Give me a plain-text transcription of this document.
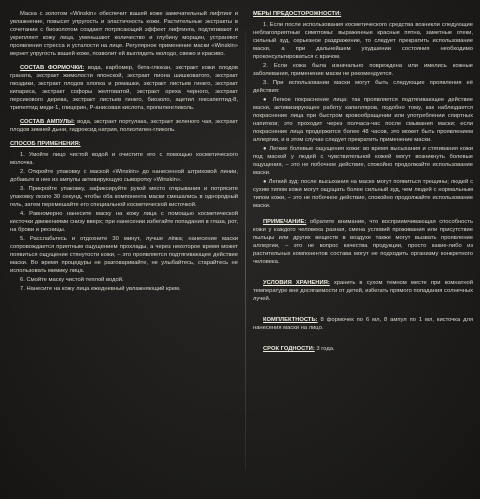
Маска с золотом «Winskin» обеспечит вашей коже замечательный лифтинг и увлажнение, повысит упругость и эластичность кожи. Растительные экстракты в сочетании с биозолотом создают потрясающий эффект лифтинга, подтягивают и укрепляют кожу лица, уменьшают количество и глубину морщин, устраняют проявления стресса и усталости на лице. Регулярное применение маски «Winskin» вернет упругость вашей коже, позволит ей выглядеть молодо, свежо и красиво.

СОСТАВ ФОРМОЧКИ: вода, карбомер, бета-глюкан, экстракт кожи плодов граната, экстракт жимолости японской, экстракт пиона шишковатого, экстракт гвоздики, экстракт плодов хлопка и ромашки, экстракт листьев гинкго, экстракт кипариса, экстракт софоры желтоватой, экстракт ореха черного, экстракт персикового дерева, экстракт листьев гинкго, биозоло, ацетил гексапептид-8, трипептид меди-1, глицерин, Р-анисовая кислота, пропиленгликоль.

СОСТАВ АМПУЛЫ: вода, экстракт портулака, экстракт зеленого чая, экстракт плодов зимней дыни, гидроксид натрия, полиэтилен-гликоль.

СПОСОБ ПРИМЕНЕНИЯ:

1. Умойте лицо чистой водой и очистите его с помощью косметического молочка.

2. Откройте упаковку с маской «Winskin» до нанесенной штриховой линии, добавьте в нее из ампулы активирующую сыворотку «Winskin».

3. Прикройте упаковку, зафиксируйте рукой место открывания и потрясите упаковку около 30 секунд, чтобы оба компонента маски смешались в однородный гель, затем перемешайте его специальной косметической кисточкой.

4. Равномерно нанесите маску на кожу лица с помощью косметической кисточки движениями снизу вверх; при нанесении избегайте попадания в глаза, рот, на брови и ресницы.

5. Расслабьтесь и отдохните 30 минут, лучше лёжа; нанесение маски сопровождается приятным ощущением прохлады, а через некоторое время может появиться ощущение стянутости кожи, – это проявляется подтягивающее действие маски. Во время процедуры не разговаривайте, не улыбайтесь, старайтесь не использовать мимику лица.

6. Смойте маску чистой теплой водой.

7. Нанесите на кожу лица ежедневный увлажняющий крем.

МЕРЫ ПРЕДОСТОРОЖНОСТИ:

1. Если после использования косметического средства возникли следующие неблагоприятные симптомы: выраженные красные пятна, заметные отеки, сильный зуд, серьезное раздражение, то следует прекратить использование маски, а при дальнейшем ухудшении состояния необходимо проконсультироваться с врачом.

2. Если кожа была изначально повреждена или имелись кожные заболевания, применение маски не рекомендуется.

3. При использовании маски могут быть следующие проявления её действия:

● Легкое покраснение лица: так проявляется подтягивающее действие маски, активизирующее работу капилляров, подобно тому, как наблюдается покраснение лица при быстром кровообращении или употреблении спиртных напитков; это проходит через полчаса-час после смывания маски; если покраснение лица продержится более 48 часов, это может быть проявлением аллергии, и в этом случае следует прекратить применение маски.

● Легкие болевые ощущения кожи: во время высыхания и стягивания кожи под маской у людей с чувствительной кожей могут возникнуть болевые ощущения, – это не побочное действие, спокойно продолжайте использование маски.

● Легкий зуд: после высыхания на маске могут появиться трещины; людей с сухим типом кожи могут ощущать более сильный зуд, чем людей с нормальным типом кожи, – это не побочное действие, спокойно продолжайте использование маски.

ПРИМЕЧАНИЕ: обратите внимание, что восприимчивающая способность кожи у каждого человека разная, смена условий проживания или присутствие пыльцы или других веществ в воздухе также могут вызвать проявление аллергии, – это не вопрос качества продукции, просто какие-либо из растительных компонентов состава могут не подходить организму конкретного человека.

УСЛОВИЯ ХРАНЕНИЯ: хранить в сухом темном месте при комнатной температуре вне досягаемости от детей, избегать прямого попадания солнечных лучей.

КОМПЛЕКТНОСТЬ: 8 формочек по 6 мл, 8 ампул по 1 мл, кисточка для нанесения маски на лицо.

СРОК ГОДНОСТИ: 3 года.
